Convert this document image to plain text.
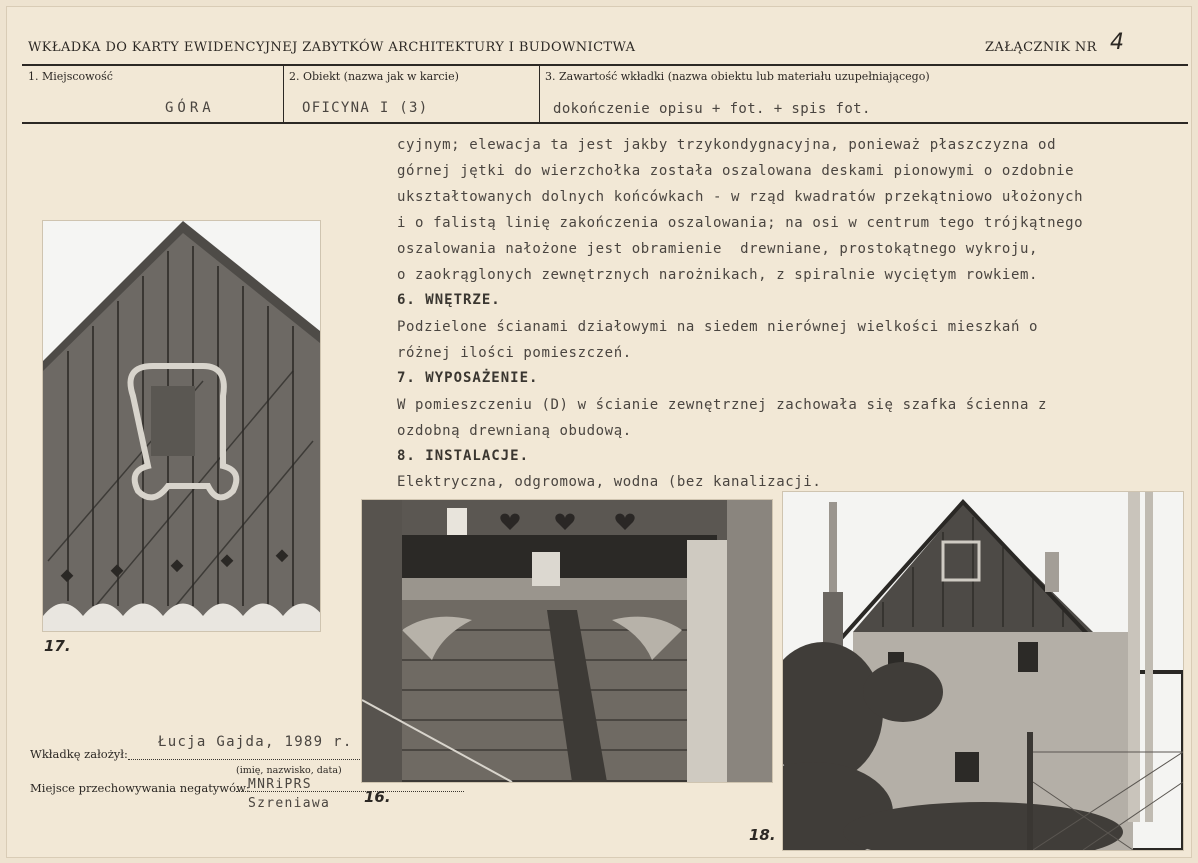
WKŁADKA DO KARTY EWIDENCYJNEJ ZABYTKÓW ARCHITEKTURY I BUDOWNICTWA	ZAŁĄCZNIK NR 4
1. Miejscowość	2. Obiekt (nazwa jak w karcie)	3. Zawartość wkładki (nazwa obiektu lub materiału uzupełniającego)
GÓRA	OFICYNA I (3)	dokończenie opisu + fot. + spis fot.
cyjnym; elewacja ta jest jakby trzykondygnacyjna, ponieważ płaszczyzna od
górnej jętki do wierzchołka została oszalowana deskami pionowymi o ozdobnie
ukształtowanych dolnych końcówkach - w rząd kwadratów przekątniowo ułożonych
i o falistą linię zakończenia oszalowania; na osi w centrum tego trójkątnego
oszalowania nałożone jest obramienie  drewniane, prostokątnego wykroju,
o zaokrąglonych zewnętrznych narożnikach, z spiralnie wyciętym rowkiem.
6. WNĘTRZE.
Podzielone ścianami działowymi na siedem nierównej wielkości mieszkań o
różnej ilości pomieszczeń.
7. WYPOSAŻENIE.
W pomieszczeniu (D) w ścianie zewnętrznej zachowała się szafka ścienna z
ozdobną drewnianą obudową.
8. INSTALACJE.
Elektryczna, odgromowa, wodna (bez kanalizacji.
17.
16.
18.
Wkładkę założył:
Łucja Gajda, 1989 r.
(imię, nazwisko, data)
Miejsce przechowywania negatywów:
MNRiPRS
Szreniawa
